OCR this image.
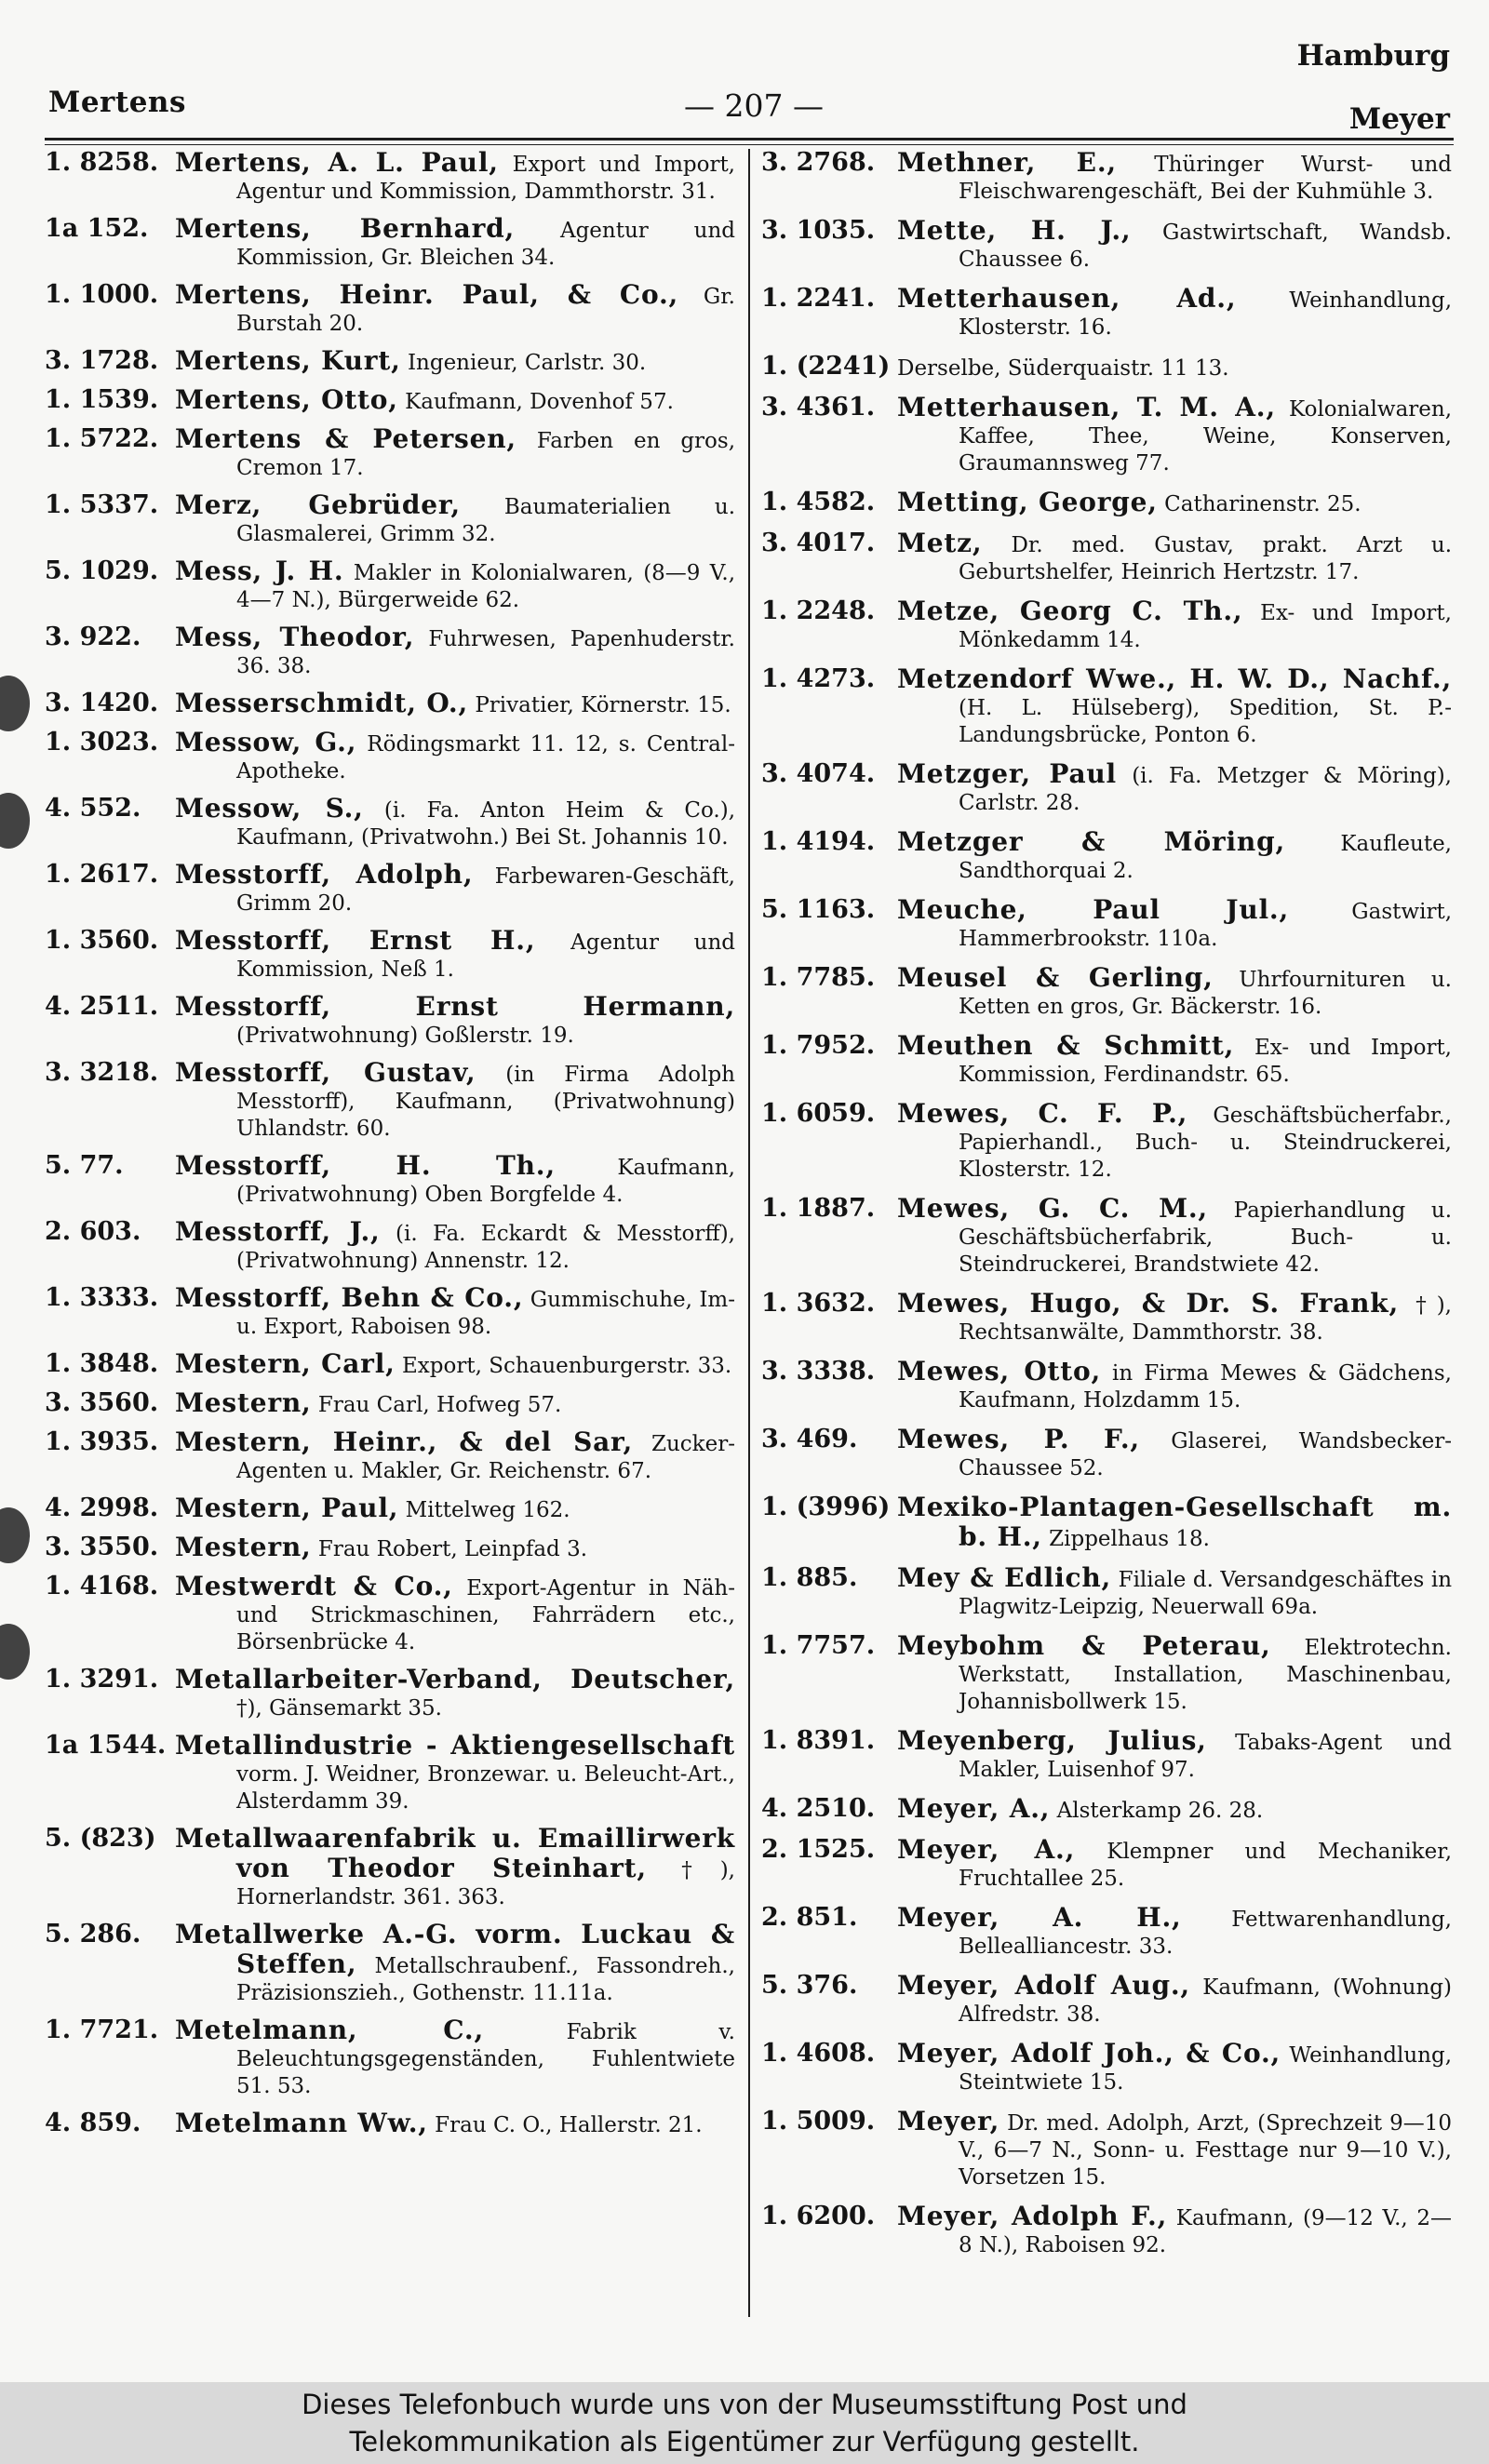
Mertens	— 207 —
Hamburg
Meyer
1. 8258. Mertens, A. L. Paul, Export und Import, Agentur und Kommission, Dammthorstr. 31.
1a 152.	Mertens, Bernhard, Agentur und Kommission, Gr. Bleichen 34.
1. 1000. Mertens, Heinr. Paul, & Co., Gr. Burstah 20.
3. 1728. Mertens, Kurt, Ingenieur, Carlstr. 30.
1. 1539. Mertens, Otto, Kaufmann, Dovenhof 57.
1. 5722. Mertens & Petersen, Farben en gros, Cremon 17.
1. 5337. Merz, Gebrüder, Baumaterialien u. Glasmalerei, Grimm 32.
5. 1029. Mess, J. H. Makler in Kolonialwaren, (8—9 V., 4—7 N.), Bürgerweide 62.
3. 922.	Mess, Theodor, Fuhrwesen, Papenhuderstr. 36. 38.
3. 1420. Messerschmidt, O., Privatier, Körnerstr. 15.
1. 3023. Messow, G., Rödingsmarkt 11. 12, s. Central-Apotheke.
4. 552.	Messow, S., (i. Fa. Anton Heim & Co.), Kaufmann, (Privatwohn.) Bei St. Johannis 10.
1. 2617. Messtorff, Adolph, Farbewaren-Geschäft, Grimm 20.
1. 3560. Messtorff, Ernst H., Agentur und Kommission, Neß 1.
4. 2511. Messtorff, Ernst Hermann, (Privatwohnung) Goßlerstr. 19.
3. 3218. Messtorff, Gustav, (in Firma Adolph Messtorff), Kaufmann, (Privatwohnung) Uhlandstr. 60.
5. 77.	Messtorff, H. Th.,	Kaufmann, (Privatwohnung) Oben Borgfelde 4.
2. 603.	Messtorff, J., (i. Fa. Eckardt & Messtorff), (Privatwohnung) Annenstr. 12.
1. 3333. Messtorff, Behn & Co., Gummischuhe, Im- u. Export, Raboisen 98.
1. 3848. Mestern, Carl, Export, Schauenburgerstr. 33.
3. 3560. Mestern, Frau Carl, Hofweg 57.
1. 3935. Mestern, Heinr., & del Sar, Zucker-Agenten u. Makler, Gr. Reichenstr. 67.
4. 2998. Mestern, Paul, Mittelweg 162.
3. 3550. Mestern, Frau Robert, Leinpfad 3.
1. 4168. Mestwerdt & Co., Export-Agentur in Näh- und Strickmaschinen, Fahrrädern etc., Börsenbrücke 4.
1. 3291. Metallarbeiter-Verband, Deutscher, †), Gänsemarkt 35.
1a 1544. Metallindustrie - Aktiengesellschaft vorm. J. Weidner, Bronzewar. u. Beleucht-Art., Alsterdamm 39.
5. (823) Metallwaarenfabrik u. Emaillirwerk von Theodor Steinhart, †), Hornerlandstr. 361. 363.
5. 286.	Metallwerke A.-G. vorm. Luckau & Steffen, Metallschraubenf., Fassondreh., Präzisionszieh., Gothenstr. 11.11a.
1. 7721. Metelmann, C.,	Fabrik v. Beleuchtungsgegenständen, Fuhlentwiete 51. 53.
4. 859.	Metelmann Ww., Frau C. O., Hallerstr. 21.
3. 2768. Methner, E., Thüringer Wurst- und Fleischwarengeschäft, Bei der Kuhmühle 3.
3. 1035. Mette, H. J., Gastwirtschaft, Wandsb. Chaussee 6.
1. 2241. Metterhausen, Ad., Weinhandlung, Klosterstr. 16.
1. (2241) Derselbe, Süderquaistr. 11 13.
3. 4361. Metterhausen, T. M. A., Kolonialwaren, Kaffee, Thee, Weine, Konserven, Graumannsweg 77.
1. 4582. Metting, George, Catharinenstr. 25.
3. 4017. Metz, Dr. med. Gustav, prakt. Arzt u. Geburtshelfer, Heinrich Hertzstr. 17.
1. 2248. Metze, Georg C. Th., Ex- und Import, Mönkedamm 14.
1. 4273. Metzendorf Wwe., H. W. D., Nachf., (H. L. Hülseberg), Spedition, St. P.-Landungsbrücke, Ponton 6.
3. 4074. Metzger, Paul (i. Fa. Metzger & Möring), Carlstr. 28.
1. 4194. Metzger & Möring,	Kaufleute, Sandthorquai 2.
5. 1163. Meuche, Paul Jul.,	Gastwirt, Hammerbrookstr. 110a.
1. 7785. Meusel & Gerling, Uhrfournituren u. Ketten en gros, Gr. Bäckerstr. 16.
1. 7952. Meuthen & Schmitt, Ex- und Import, Kommission, Ferdinandstr. 65.
1. 6059. Mewes, C. F. P., Geschäftsbücherfabr., Papierhandl., Buch- u. Steindruckerei, Klosterstr. 12.
1. 1887. Mewes, G. C. M., Papierhandlung u. Geschäftsbücherfabrik, Buch- u. Steindruckerei, Brandstwiete 42.
1. 3632. Mewes, Hugo, & Dr. S. Frank, †), Rechtsanwälte, Dammthorstr. 38.
3. 3338. Mewes, Otto, in Firma Mewes & Gädchens, Kaufmann, Holzdamm 15.
3. 469.	Mewes, P. F., Glaserei, Wandsbecker-Chaussee 52.
1. (3996) Mexiko-Plantagen-Gesellschaft m. b. H., Zippelhaus 18.
1. 885.	Mey & Edlich, Filiale d. Versandgeschäftes in Plagwitz-Leipzig, Neuerwall 69a.
1. 7757. Meybohm & Peterau, Elektrotechn. Werkstatt, Installation, Maschinenbau, Johannisbollwerk 15.
1. 8391. Meyenberg, Julius, Tabaks-Agent und Makler, Luisenhof 97.
4. 2510. Meyer, A., Alsterkamp 26. 28.
2. 1525. Meyer, A., Klempner und Mechaniker, Fruchtallee 25.
2. 851.	Meyer, A. H., Fettwarenhandlung, Bellealliancestr. 33.
5. 376.	Meyer, Adolf Aug., Kaufmann, (Wohnung) Alfredstr. 38.
1. 4608. Meyer, Adolf Joh., & Co., Weinhandlung, Steintwiete 15.
1. 5009. Meyer, Dr. med. Adolph, Arzt, (Sprechzeit 9—10 V., 6—7 N., Sonn- u. Festtage nur 9—10 V.), Vorsetzen 15.
1. 6200. Meyer, Adolph F., Kaufmann, (9—12 V., 2—8 N.), Raboisen 92.
Dieses Telefonbuch wurde uns von der Museumsstiftung Post und
Telekommunikation als Eigentümer zur Verfügung gestellt.
